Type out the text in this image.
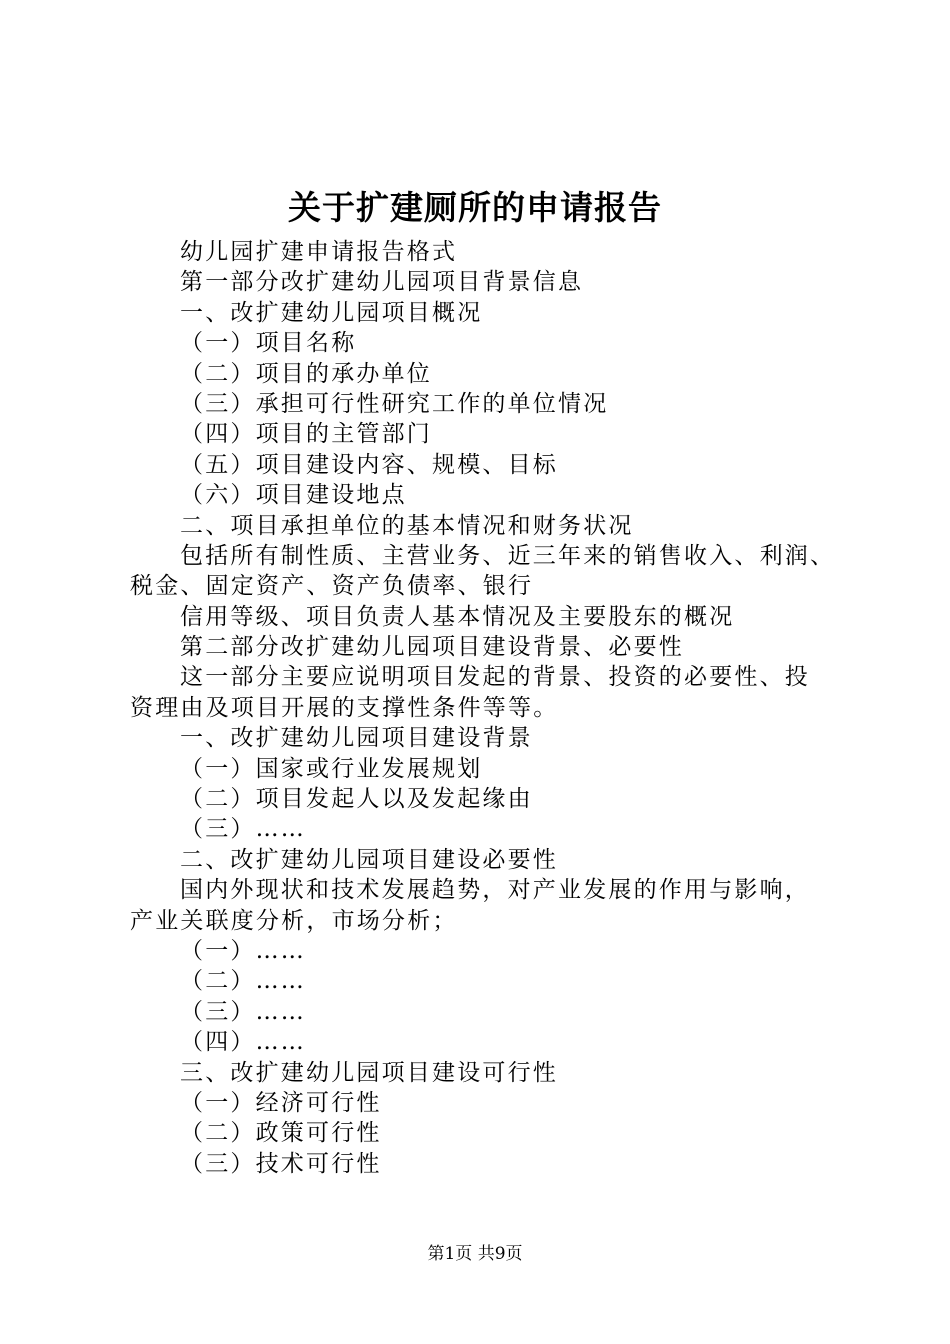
关于扩建厕所的申请报告
幼儿园扩建申请报告格式
第一部分改扩建幼儿园项目背景信息
一、改扩建幼儿园项目概况
（一）项目名称
（二）项目的承办单位
（三）承担可行性研究工作的单位情况
（四）项目的主管部门
（五）项目建设内容、规模、目标
（六）项目建设地点
二、项目承担单位的基本情况和财务状况
包括所有制性质、主营业务、近三年来的销售收入、利润、
税金、固定资产、资产负债率、银行
信用等级、项目负责人基本情况及主要股东的概况
第二部分改扩建幼儿园项目建设背景、必要性
这一部分主要应说明项目发起的背景、投资的必要性、投
资理由及项目开展的支撑性条件等等。
一、改扩建幼儿园项目建设背景
（一）国家或行业发展规划
（二）项目发起人以及发起缘由
（三）……
二、改扩建幼儿园项目建设必要性
国内外现状和技术发展趋势，对产业发展的作用与影响，
产业关联度分析，市场分析；
（一）……
（二）……
（三）……
（四）……
三、改扩建幼儿园项目建设可行性
（一）经济可行性
（二）政策可行性
（三）技术可行性
第1页 共9页
